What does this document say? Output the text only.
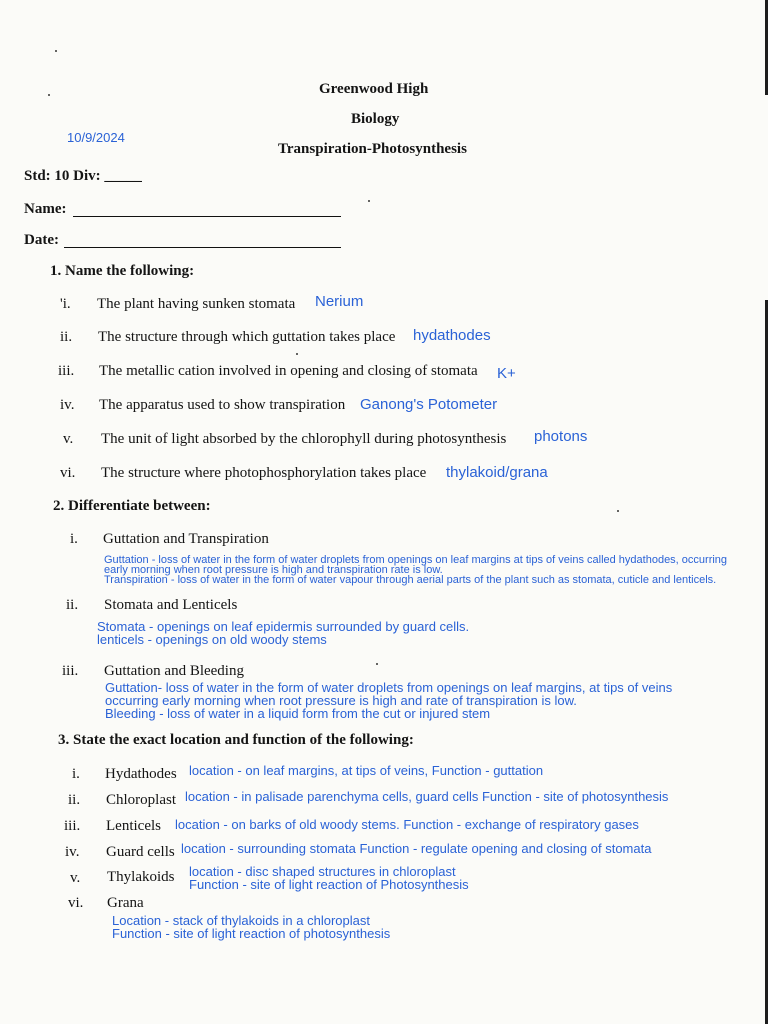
Greenwood High
Biology
Transpiration-Photosynthesis
10/9/2024
Std: 10 Div: _____
Name:
Date:
1. Name the following:
'i. The plant having sunken stomata Nerium
ii. The structure through which guttation takes place hydathodes
iii. The metallic cation involved in opening and closing of stomata K+
iv. The apparatus used to show transpiration Ganong's Potometer
v. The unit of light absorbed by the chlorophyll during photosynthesis photons
vi. The structure where photophosphorylation takes place thylakoid/grana
2. Differentiate between:
i. Guttation and Transpiration
Guttation - loss of water in the form of water droplets from openings on leaf margins at tips of veins called hydathodes, occurring
early morning when root pressure is high and transpiration rate is low.
Transpiration - loss of water in the form of water vapour through aerial parts of the plant such as stomata, cuticle and lenticels.
ii. Stomata and Lenticels
Stomata - openings on leaf epidermis surrounded by guard cells.
lenticels - openings on old woody stems
iii. Guttation and Bleeding
Guttation- loss of water in the form of water droplets from openings on leaf margins, at tips of veins
occurring early morning when root pressure is high and rate of transpiration is low.
Bleeding - loss of water in a liquid form from the cut or injured stem
3. State the exact location and function of the following:
i. Hydathodes location - on leaf margins, at tips of veins, Function - guttation
ii. Chloroplast location - in palisade parenchyma cells, guard cells Function - site of photosynthesis
iii. Lenticels location - on barks of old woody stems. Function - exchange of respiratory gases
iv. Guard cells location - surrounding stomata Function - regulate opening and closing of stomata
v. Thylakoids location - disc shaped structures in chloroplast
Function - site of light reaction of Photosynthesis
vi. Grana
Location - stack of thylakoids in a chloroplast
Function - site of light reaction of photosynthesis
